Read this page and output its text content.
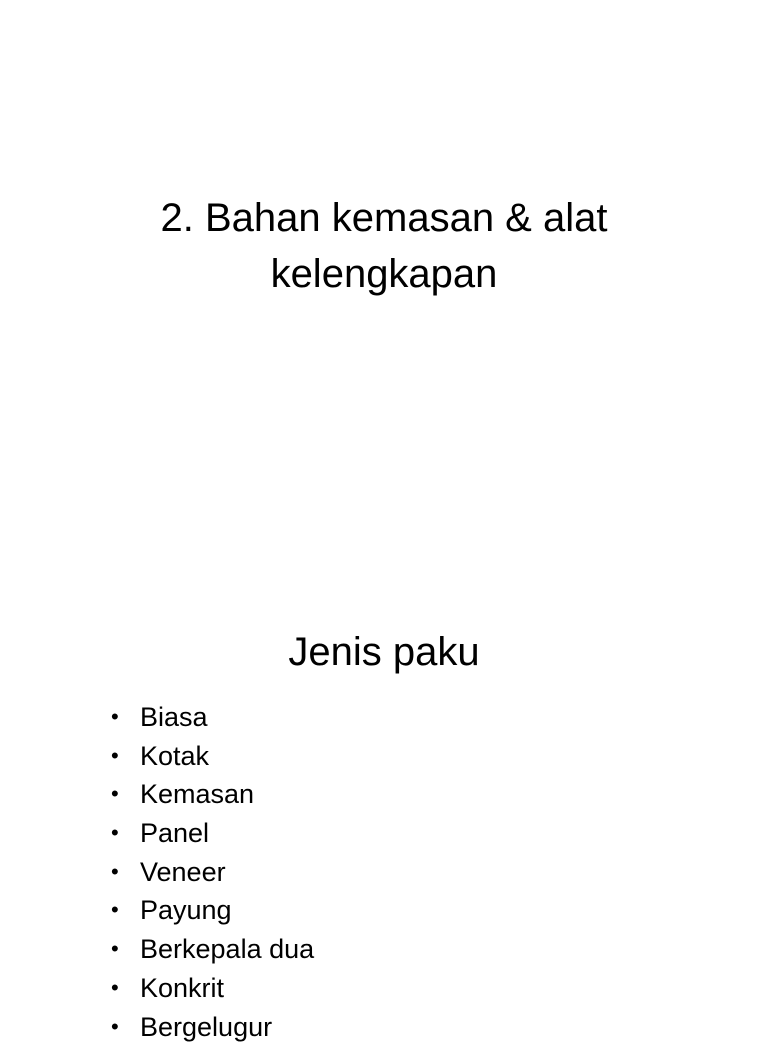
2. Bahan kemasan & alat
kelengkapan
Jenis paku
• Biasa
• Kotak
• Kemasan
• Panel
• Veneer
• Payung
• Berkepala dua
• Konkrit
• Bergelugur
